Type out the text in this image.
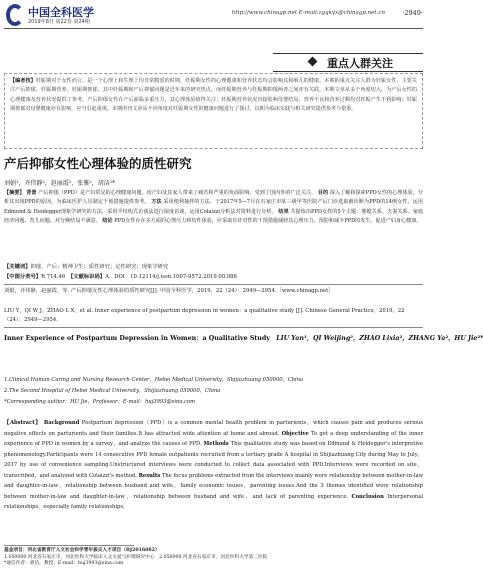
中国全科医学
2019年8月 第22卷 第24期
http://www.chinagp.net E-mail:zgqkyx@chinagp.net.cn	·2949·
重点人群关注

【编者按】妊娠期对于女性而言，是一个心理上和生理上均非常脆弱的时期，妊娠期女性的心理健康和营养状态均会影响其和胎儿的健康。本期的重点关注人群为妊娠女性，主要关注产后抑郁、妊娠期营养、妊娠期抑郁，其中妊娠期和产后抑郁问题是近年来的研究热点，而妊娠期营养与妊娠期抑郁两者之间亦有关联。本期文章从多个角度切入，为产后女性的心理健康及营养状况提供了参考。产后抑郁女性在产后面临多重压力，其心理体验值得关注；妊娠期营养状况直接影响母婴结局，营养不良和营养过剩均对妊娠产生不利影响；妊娠期抑郁对母婴健康亦有影响，应当引起重视。本期所刊文章从不同角度对妊娠期女性的健康问题进行了探讨，以期为临床实践与相关研究提供参考与借鉴。

产后抑郁女性心理体验的质性研究
刘娟¹，齐伟静²，赵丽霞²，张雅²，胡洁²*

【摘要】 背景 产后抑郁（PPD）是产妇常见的心理健康问题，给产妇及其家人带来了痛苦和严重的负面影响，受到了国内外的广泛关注。 目的 深入了解和探索PPD女性的心理体验，分析其出现PPD的原因，为临床医护人员制定干预措施提供参考。 方法 采用便利抽样的方法，于2017年5—7月在石家庄市某三级甲等医院产后门诊选取被诊断为PPD的14例女性，运用Edmund & Heidegger现象学研究的方法，采用半结构式访谈法进行深度访谈，运用Colaizzi分析法对资料进行分析。 结果 共提炼出PPD女性的5个主题：婆媳关系、夫妻关系、家庭经济问题、育儿问题、对分娩结局不满意。 结论 PPD女性存在多方面的心理压力和负性体验，应采取有针对性的干预措施减轻其心理压力，预防和减少PPD的发生，促进产妇身心健康。

【关键词】抑郁，产后；精神卫生；质性研究；定性研究；现象学研究
【中图分类号】R 714.46　 【文献标识码】A　 DOI：10.12114/j.issn.1007-9572.2019.00.086
刘娟，齐伟静，赵丽霞，等. 产后抑郁女性心理体验的质性研究[J]. 中国全科医学，2019，22（24）：2949—2954.［www.chinagp.net］
LIU Y，QI W J，ZHAO L X，et al. Inner experience of postpartum depression in women：a qualitative study [J]. Chinese General Practice，2019，22（24）：2949—2954.
Inner Experience of Postpartum Depression in Women：a Qualitative Study　 LIU Yan¹，QI Weijing²，ZHAO Lixia²，ZHANG Ya²，HU Jie²*
1.Clinical Human Caring and Nursing Research Center，Hebei Medical University，Shijiazhuang 050000，China
2.The Second Hospital of Hebei Medical University，Shijiazhuang 050000，China
*Corresponding author：HU Jie，Professor；E-mail：huj3993@sina.com

【Abstract】 Background Postpartum depression（PPD）is a common mental health problem in parturients，which causes pain and produces serious negative effects on parturients and their families.It has attracted wide attention at home and abroad. Objective To get a deep understanding of the inner experience of PPD in women by a survey，and analyze the causes of PPD. Methods This qualitative study was based on Edmund & Heidegger's interpretive phenomenology.Participants were 14 consecutive PPD female outpatients recruited from a tertiary grade A hospital in Shijiazhuang City during May to July，2017 by use of convenience sampling.Unstructured interviews were conducted to collect data associated with PPD.Interviews were recorded on site，transcribed，and analyzed with Colaizzi's method. Results The focus problems extracted from the interviews mainly were relationship between mother-in-law and daughter-in-law，relationship between husband and wife，family economic issues，parenting issues.And the 3 themes identified were relationship between mother-in-law and daughter-in-law，relationship between husband and wife，and lack of parenting experience. Conclusion Interpersonal relationships，especially family relationships，

基金项目：河北省教育厅人文社会科学青年拔尖人才项目（BJ2016082）
1.050000 河北省石家庄市，河北医科大学临床人文关爱与护理研究中心　 2.050000 河北省石家庄市，河北医科大学第二医院
*通信作者：胡洁，教授；E-mail：huj3993@sina.com
